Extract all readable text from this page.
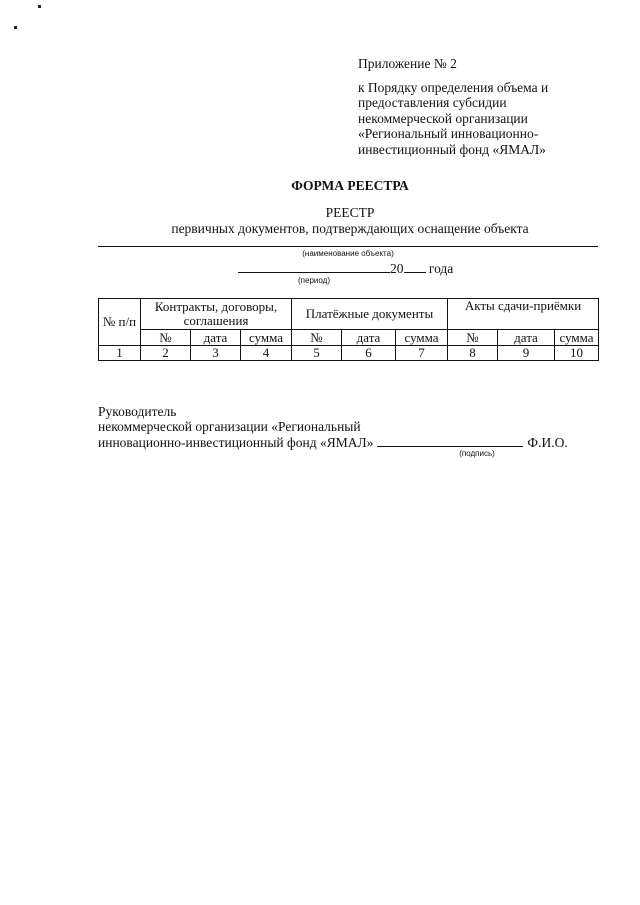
Приложение № 2
к Порядку определения объема и
предоставления субсидии
некоммерческой организации
«Региональный инновационно-
инвестиционный фонд «ЯМАЛ»
ФОРМА РЕЕСТРА
РЕЕСТР
первичных документов, подтверждающих оснащение объекта
(наименование объекта)
20 года
(период)
№ п/п	Контракты, договоры, соглашения			Платёжные документы			Акты сдачи-приёмки		
	№	дата	сумма	№	дата	сумма	№	дата	сумма
1	2	3	4	5	6	7	8	9	10
Руководитель
некоммерческой организации «Региональный
инновационно-инвестиционный фонд «ЯМАЛ»	Ф.И.О.
(подпись)
